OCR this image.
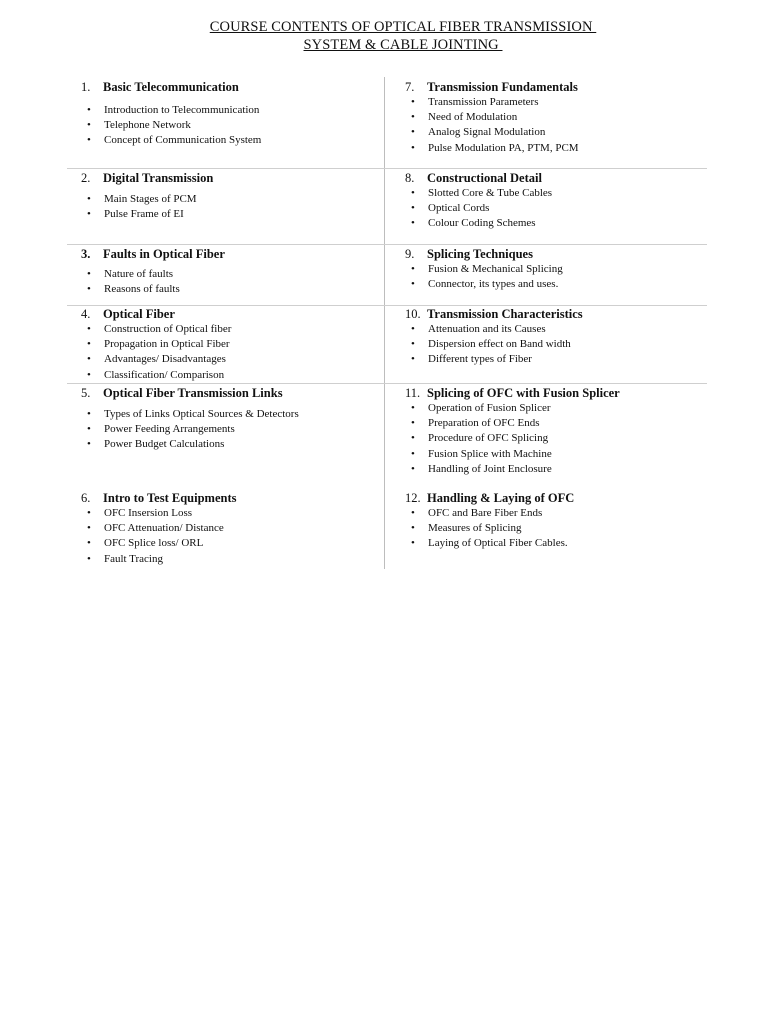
COURSE CONTENTS OF OPTICAL FIBER TRANSMISSION
SYSTEM & CABLE JOINTING
1. Basic Telecommunication
• Introduction to Telecommunication
• Telephone Network
• Concept of Communication System
7. Transmission Fundamentals
• Transmission Parameters
• Need of Modulation
• Analog Signal Modulation
• Pulse Modulation PA, PTM, PCM
2. Digital Transmission
• Main Stages of PCM
• Pulse Frame of EI
8. Constructional Detail
• Slotted Core & Tube Cables
• Optical Cords
• Colour Coding Schemes
3. Faults in Optical Fiber
• Nature of faults
• Reasons of faults
9. Splicing Techniques
• Fusion & Mechanical Splicing
• Connector, its types and uses.
4. Optical Fiber
• Construction of Optical fiber
• Propagation in Optical Fiber
• Advantages/ Disadvantages
• Classification/ Comparison
10. Transmission Characteristics
• Attenuation and its Causes
• Dispersion effect on Band width
• Different types of Fiber
5. Optical Fiber Transmission Links
• Types of Links Optical Sources & Detectors
• Power Feeding Arrangements
• Power Budget Calculations
11. Splicing of OFC with Fusion Splicer
• Operation of Fusion Splicer
• Preparation of OFC Ends
• Procedure of OFC Splicing
• Fusion Splice with Machine
• Handling of Joint Enclosure
6. Intro to Test Equipments
• OFC Insersion Loss
• OFC Attenuation/ Distance
• OFC Splice loss/ ORL
• Fault Tracing
12. Handling & Laying of OFC
• OFC and Bare Fiber Ends
• Measures of Splicing
• Laying of Optical Fiber Cables.
